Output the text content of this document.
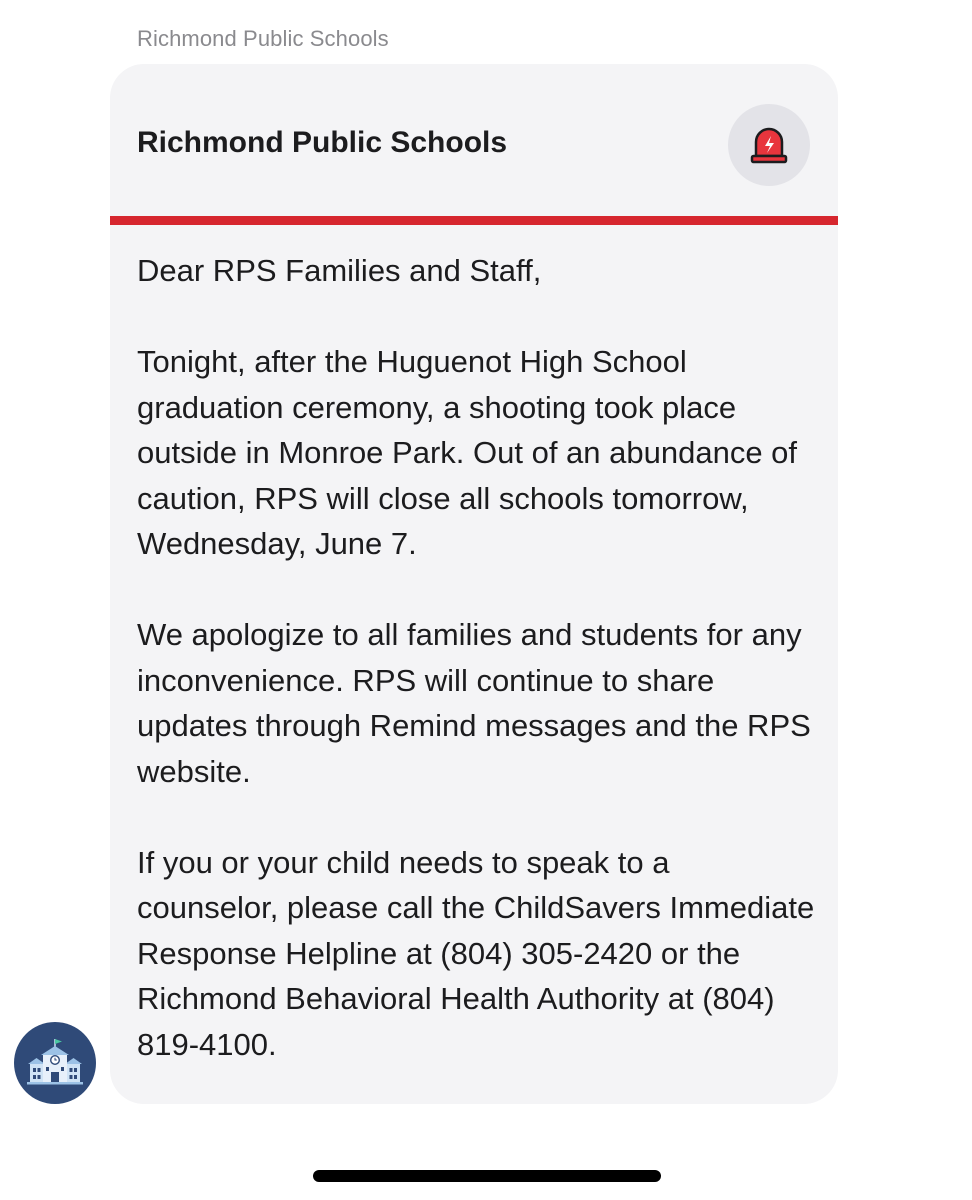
Richmond Public Schools
Richmond Public Schools

Dear RPS Families and Staff,

Tonight, after the Huguenot High School graduation ceremony, a shooting took place outside in Monroe Park. Out of an abundance of caution, RPS will close all schools tomorrow, Wednesday, June 7.

We apologize to all families and students for any inconvenience. RPS will continue to share updates through Remind messages and the RPS website.

If you or your child needs to speak to a counselor, please call the ChildSavers Immediate Response Helpline at (804) 305-2420 or the Richmond Behavioral Health Authority at (804) 819-4100.
